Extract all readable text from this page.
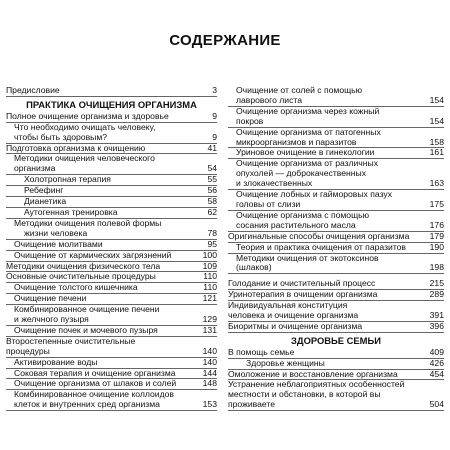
СОДЕРЖАНИЕ
Предисловие	3
ПРАКТИКА ОЧИЩЕНИЯ ОРГАНИЗМА
Полное очищение организма и здоровье	9
Что необходимо очищать человеку,
чтобы быть здоровым?	9
Подготовка организма к очищению	41
Методики очищения человеческого
организма	54
Холотропная терапия	55
Ребефинг	56
Дианетика	58
Аутогенная тренировка	62
Методики очищения полевой формы
жизни человека	78
Очищение молитвами	95
Очищение от кармических загрязнений	100
Методики очищения физического тела	109
Основные очистительные процедуры	110
Очищение толстого кишечника	110
Очищение печени	121
Комбинированное очищение печени
и желчного пузыря	129
Очищение почек и мочевого пузыря	131
Второстепенные очистительные
процедуры	140
Активирование воды	140
Соковая терапия и очищение организма	144
Очищение организма от шлаков и солей	148
Комбинированное очищение коллоидов
клеток и внутренних сред организма	153
Очищение от солей с помощью
лаврового листа	154
Очищение организма через кожный
покров	154
Очищение организма от патогенных
микроорганизмов и паразитов	158
Уриновое очищение в гинекологии	161
Очищение организма от различных
опухолей — доброкачественных
и злокачественных	163
Очищение лобных и гайморовых пазух
головы от слизи	175
Очищение организма с помощью
сосания растительного масла	176
Оригинальные способы очищения организма	179
Теория и практика очищения от паразитов	190
Методики очищения от экотоксинов
(шлаков)	198
Голодание и очистительный процесс	215
Уринотерапия в очищении организма	289
Индивидуальная конституция
человека и очищение организма	391
Биоритмы и очищение организма	396
ЗДОРОВЬЕ СЕМЬИ
В помощь семье	409
Здоровье женщины	426
Омоложение и восстановление организма	454
Устранение неблагоприятных особенностей
местности и обстановки, в которой вы
проживаете	504
